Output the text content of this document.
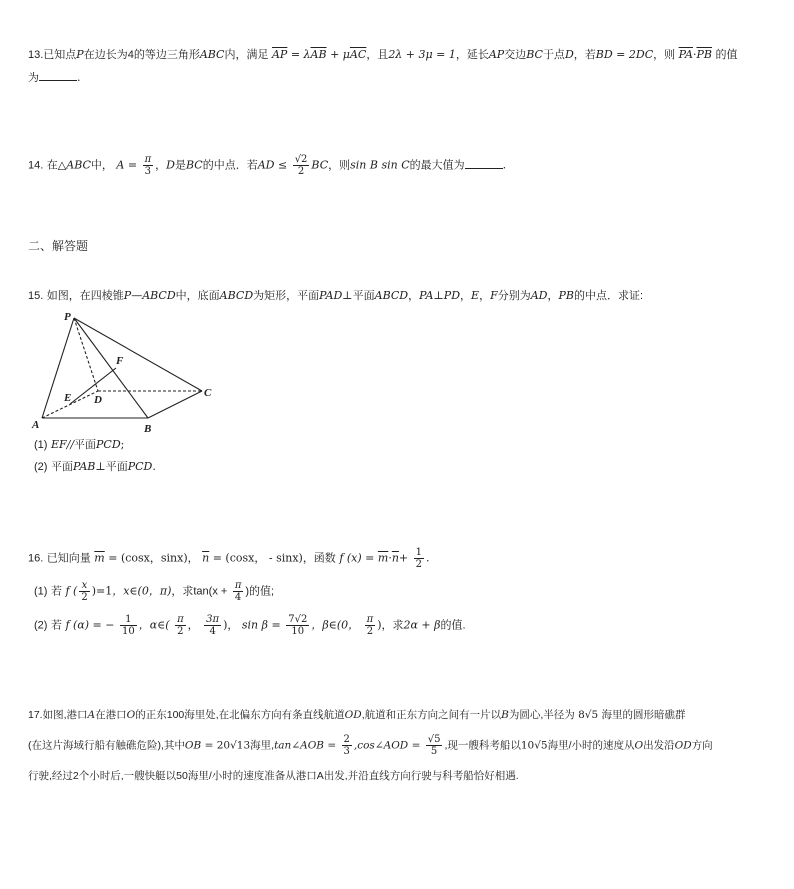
13.已知点P在边长为4的等边三角形ABC内，满足 $\overline{AP} = \lambda\overline{AB} + \mu\overline{AC}$，且2λ + 3μ = 1，延长AP交边BC于点D，若BD = 2DC，则 $\overline{PA}\cdot\overline{PB}$ 的值
为	.
14. 在△ABC中， $A = \frac{\pi}{3}$ ，D是BC的中点．若AD ≤ $\frac{√2}{2}$ BC，则sin B sin C的最大值为	.
二、解答题
15. 如图，在四棱锥P—ABCD中，底面ABCD为矩形，平面PAD⊥平面ABCD，PA⊥PD，E，F分别为AD，PB的中点．求证:
P
F
E D
C
A	B
(1) EF//平面PCD;
(2) 平面PAB⊥平面PCD.
16. 已知向量 $\overline{m} = (\cos x$，sinx)， $\overline{n} = (\cos x$， - sinx)，函数 f $(x) = \overline{m}\cdot\overline{n}+ \frac{1}{2}$ .
(1) 若 f ( $\frac{x}{2} )=1$，x∈(0，π)，求$\tan(x + \frac{\pi}{4}$ )的值;
(2) 若 f (α) = − $\frac{1}{10}$ ，α∈( $\frac{\pi}{2}$ ， $\frac{3\pi}{4}$ )， $\sin \beta = \frac{7√2}{10}$ ，β∈(0， $\frac{\pi}{2}$ )，求2α + β的值.
17.如图,港口A在港口O的正东100海里处,在北偏东方向有条直线航道OD,航道和正东方向之间有一片以B为圆心,半径为 8√5 海里的圆形暗礁群
(在这片海域行船有触礁危险),其中OB = 20√13海里,tan∠AOB = $\frac{2}{3}$ ,cos∠AOD = $\frac{√5}{5}$ ,现一艘科考船以10√5海里/小时的速度从O出发沿OD方向
行驶,经过2个小时后,一艘快艇以50海里/小时的速度准备从港口A出发,并沿直线方向行驶与科考船恰好相遇.
